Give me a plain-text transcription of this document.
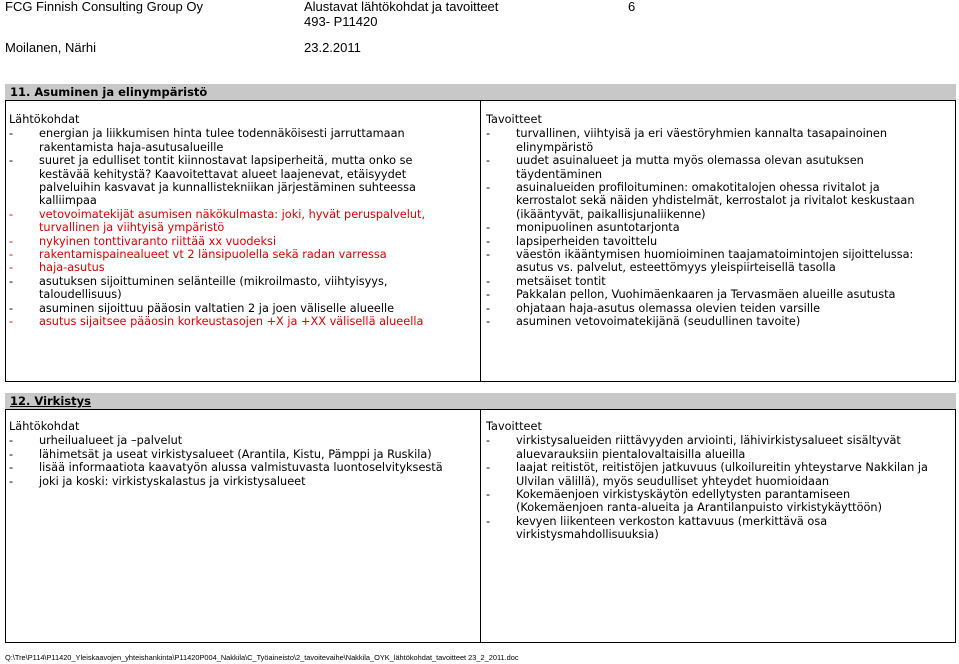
FCG Finnish Consulting Group Oy	Alustavat lähtökohdat ja tavoitteet	6
493- P11420
Moilanen, Närhi	23.2.2011
11. Asuminen ja elinympäristö

Lähtökohdat

-	energian ja liikkumisen hinta tulee todennäköisesti jarruttamaan rakentamista haja-asutusalueille
-	suuret ja edulliset tontit kiinnostavat lapsiperheitä, mutta onko se kestävää kehitystä? Kaavoitettavat alueet laajenevat, etäisyydet palveluihin kasvavat ja kunnallistekniikan järjestäminen suhteessa kalliimpaa
-	vetovoimatekijät asumisen näkökulmasta: joki, hyvät peruspalvelut, turvallinen ja viihtyisä ympäristö
-	nykyinen tonttivaranto riittää xx vuodeksi
-	rakentamispainealueet vt 2 länsipuolella sekä radan varressa
-	haja-asutus
-	asutuksen sijoittuminen selänteille (mikroilmasto, viihtyisyys, taloudellisuus)
-	asuminen sijoittuu pääosin valtatien 2 ja joen väliselle alueelle
-	asutus sijaitsee pääosin korkeustasojen +X ja +XX välisellä alueella

Tavoitteet

-	turvallinen, viihtyisä ja eri väestöryhmien kannalta tasapainoinen elinympäristö
-	uudet asuinalueet ja mutta myös olemassa olevan asutuksen täydentäminen
-	asuinalueiden profiloituminen: omakotitalojen ohessa rivitalot ja kerrostalot sekä näiden yhdistelmät, kerrostalot ja rivitalot keskustaan (ikääntyvät, paikallisjunaliikenne)
-	monipuolinen asuntotarjonta
-	lapsiperheiden tavoittelu
-	väestön ikääntymisen huomioiminen taajamatoimintojen sijoittelussa: asutus vs. palvelut, esteettömyys yleispiirteisellä tasolla
-	metsäiset tontit
-	Pakkalan pellon, Vuohimäenkaaren ja Tervasmäen alueille asutusta
-	ohjataan haja-asutus olemassa olevien teiden varsille
-	asuminen vetovoimatekijänä (seudullinen tavoite)
12. Virkistys

Lähtökohdat

-	urheilualueet ja –palvelut
-	lähimetsät ja useat virkistysalueet (Arantila, Kistu, Pämppi ja Ruskila)
-	lisää informaatiota kaavatyön alussa valmistuvasta luontoselvityksestä
-	joki ja koski: virkistyskalastus ja virkistysalueet

Tavoitteet

-	virkistysalueiden riittävyyden arviointi, lähivirkistysalueet sisältyvät aluevarauksiin pientalovaltaisilla alueilla
-	laajat reitistöt, reitistöjen jatkuvuus (ulkoilureitin yhteystarve Nakkilan ja Ulvilan välillä), myös seudulliset yhteydet huomioidaan
-	Kokemäenjoen virkistyskäytön edellytysten parantamiseen (Kokemäenjoen ranta-alueita ja Arantilanpuisto virkistykäyttöön)
-	kevyen liikenteen verkoston kattavuus (merkittävä osa virkistysmahdollisuuksia)
Q:\Tre\P114\P11420_Yleiskaavojen_yhteishankinta\P11420P004_Nakkila\C_Työaineisto\2_tavoitevaihe\Nakkila_OYK_lähtökohdat_tavoitteet 23_2_2011.doc
